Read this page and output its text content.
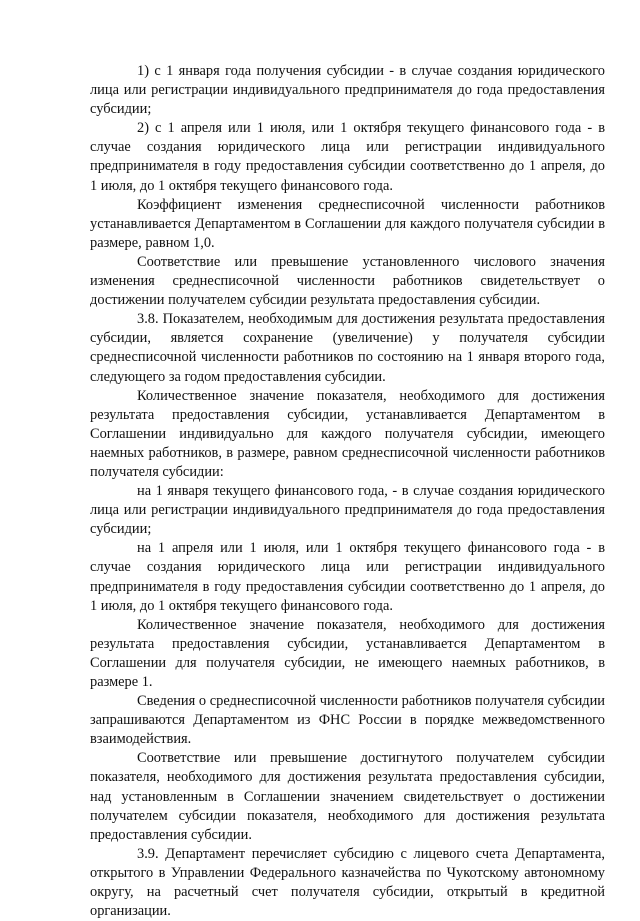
1) с 1 января года получения субсидии - в случае создания юридического лица или регистрации индивидуального предпринимателя до года предоставления субсидии;

2) с 1 апреля или 1 июля, или 1 октября текущего финансового года - в случае создания юридического лица или регистрации индивидуального предпринимателя в году предоставления субсидии соответственно до 1 апреля, до 1 июля, до 1 октября текущего финансового года.

Коэффициент изменения среднесписочной численности работников устанавливается Департаментом в Соглашении для каждого получателя субсидии в размере, равном 1,0.

Соответствие или превышение установленного числового значения изменения среднесписочной численности работников свидетельствует о достижении получателем субсидии результата предоставления субсидии.

3.8. Показателем, необходимым для достижения результата предоставления субсидии, является сохранение (увеличение) у получателя субсидии среднесписочной численности работников по состоянию на 1 января второго года, следующего за годом предоставления субсидии.

Количественное значение показателя, необходимого для достижения результата предоставления субсидии, устанавливается Департаментом в Соглашении индивидуально для каждого получателя субсидии, имеющего наемных работников, в размере, равном среднесписочной численности работников получателя субсидии:

на 1 января текущего финансового года, - в случае создания юридического лица или регистрации индивидуального предпринимателя до года предоставления субсидии;

на 1 апреля или 1 июля, или 1 октября текущего финансового года - в случае создания юридического лица или регистрации индивидуального предпринимателя в году предоставления субсидии соответственно до 1 апреля, до 1 июля, до 1 октября текущего финансового года.

Количественное значение показателя, необходимого для достижения результата предоставления субсидии, устанавливается Департаментом в Соглашении для получателя субсидии, не имеющего наемных работников, в размере 1.

Сведения о среднесписочной численности работников получателя субсидии запрашиваются Департаментом из ФНС России в порядке межведомственного взаимодействия.

Соответствие или превышение достигнутого получателем субсидии показателя, необходимого для достижения результата предоставления субсидии, над установленным в Соглашении значением свидетельствует о достижении получателем субсидии показателя, необходимого для достижения результата предоставления субсидии.

3.9. Департамент перечисляет субсидию с лицевого счета Департамента, открытого в Управлении Федерального казначейства по Чукотскому автономному округу, на расчетный счет получателя субсидии, открытый в кредитной организации.
